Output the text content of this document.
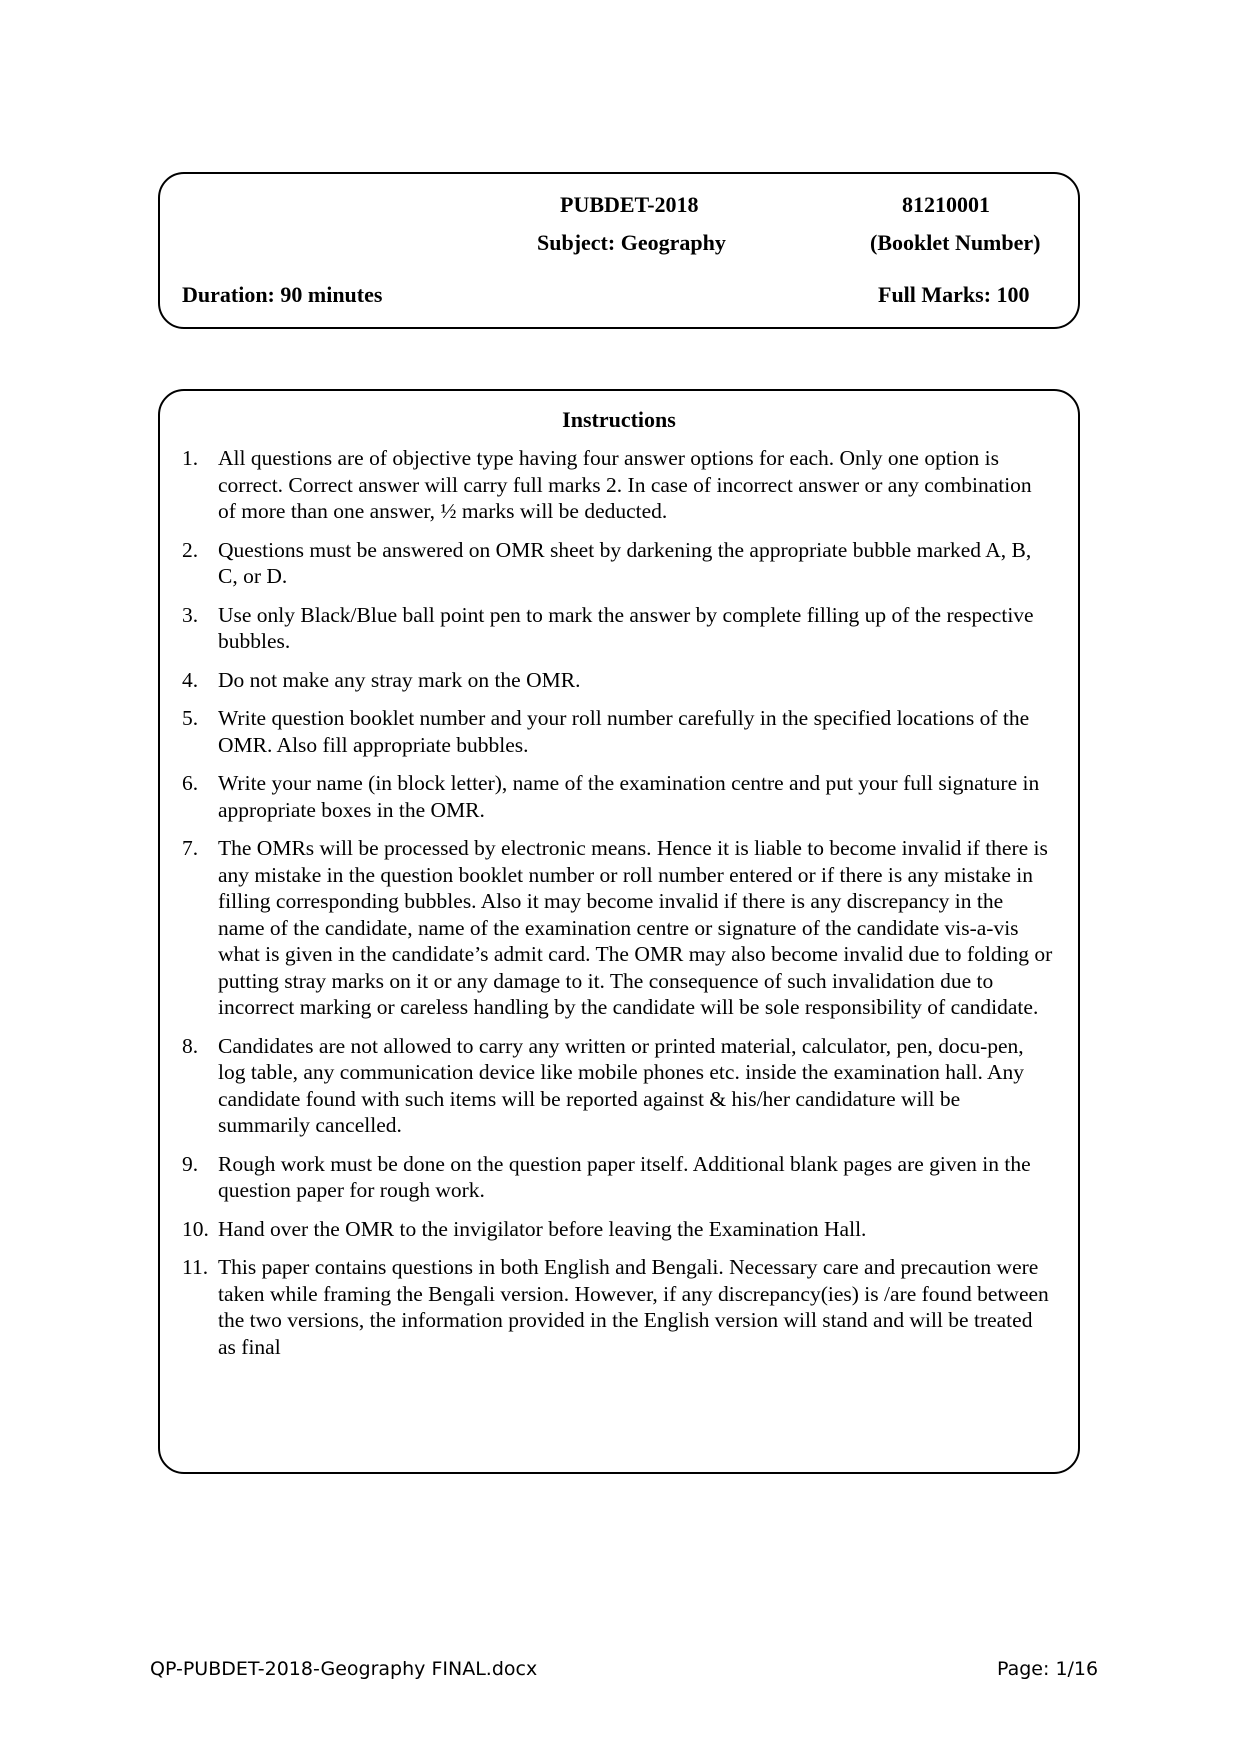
PUBDET-2018	81210001
Subject: Geography	(Booklet Number)
Duration: 90 minutes	Full Marks: 100
Instructions
1. All questions are of objective type having four answer options for each. Only one option is correct. Correct answer will carry full marks 2. In case of incorrect answer or any combination of more than one answer, ½ marks will be deducted.
2. Questions must be answered on OMR sheet by darkening the appropriate bubble marked A, B, C, or D.
3. Use only Black/Blue ball point pen to mark the answer by complete filling up of the respective bubbles.
4. Do not make any stray mark on the OMR.
5. Write question booklet number and your roll number carefully in the specified locations of the OMR. Also fill appropriate bubbles.
6. Write your name (in block letter), name of the examination centre and put your full signature in appropriate boxes in the OMR.
7. The OMRs will be processed by electronic means. Hence it is liable to become invalid if there is any mistake in the question booklet number or roll number entered or if there is any mistake in filling corresponding bubbles. Also it may become invalid if there is any discrepancy in the name of the candidate, name of the examination centre or signature of the candidate vis-a-vis what is given in the candidate’s admit card. The OMR may also become invalid due to folding or putting stray marks on it or any damage to it. The consequence of such invalidation due to incorrect marking or careless handling by the candidate will be sole responsibility of candidate.
8. Candidates are not allowed to carry any written or printed material, calculator, pen, docu-pen, log table, any communication device like mobile phones etc. inside the examination hall. Any candidate found with such items will be reported against & his/her candidature will be summarily cancelled.
9. Rough work must be done on the question paper itself. Additional blank pages are given in the question paper for rough work.
10. Hand over the OMR to the invigilator before leaving the Examination Hall.
11. This paper contains questions in both English and Bengali. Necessary care and precaution were taken while framing the Bengali version. However, if any discrepancy(ies) is /are found between the two versions, the information provided in the English version will stand and will be treated as final
QP-PUBDET-2018-Geography FINAL.docx	Page: 1/16
